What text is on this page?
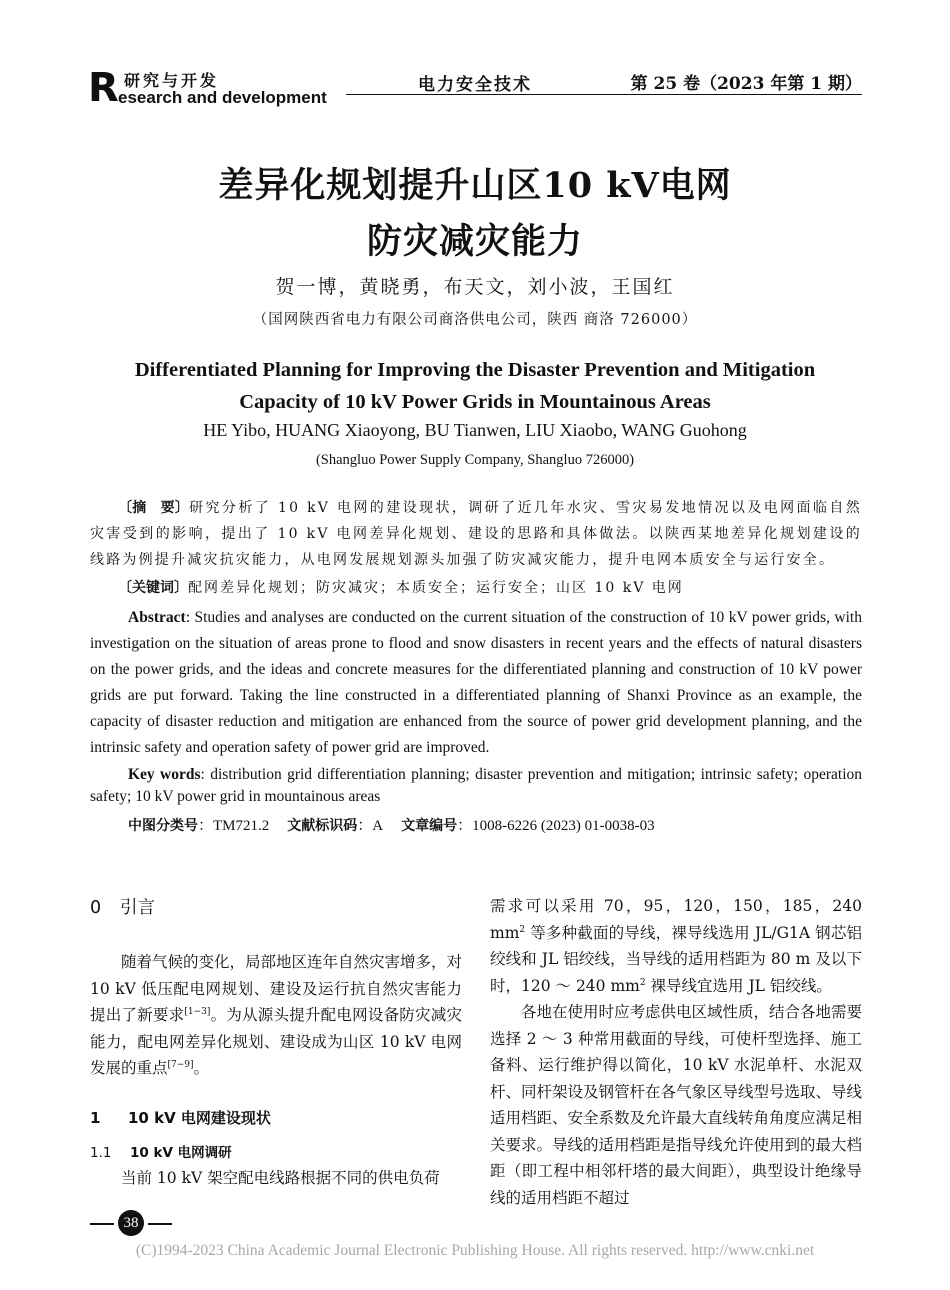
R 研究与开发
esearch and development
电力安全技术	第 25 卷（2023 年第 1 期）
差异化规划提升山区10 kV电网
防灾减灾能力
贺一博，黄晓勇，布天文，刘小波，王国红
（国网陕西省电力有限公司商洛供电公司，陕西 商洛 726000）
Differentiated Planning for Improving the Disaster Prevention and Mitigation
Capacity of 10 kV Power Grids in Mountainous Areas
HE Yibo, HUANG Xiaoyong, BU Tianwen, LIU Xiaobo, WANG Guohong
(Shangluo Power Supply Company, Shangluo 726000)

〔摘　要〕研究分析了 10 kV 电网的建设现状，调研了近几年水灾、雪灾易发地情况以及电网面临自然灾害受到的影响，提出了 10 kV 电网差异化规划、建设的思路和具体做法。以陕西某地差异化规划建设的线路为例提升减灾抗灾能力，从电网发展规划源头加强了防灾减灾能力，提升电网本质安全与运行安全。

〔关键词〕配网差异化规划；防灾减灾；本质安全；运行安全；山区 10 kV 电网

Abstract: Studies and analyses are conducted on the current situation of the construction of 10 kV power grids, with investigation on the situation of areas prone to flood and snow disasters in recent years and the effects of natural disasters on the power grids, and the ideas and concrete measures for the differentiated planning and construction of 10 kV power grids are put forward. Taking the line constructed in a differentiated planning of Shanxi Province as an example, the capacity of disaster reduction and mitigation are enhanced from the source of power grid development planning, and the intrinsic safety and operation safety of power grid are improved.

Key words: distribution grid differentiation planning; disaster prevention and mitigation; intrinsic safety; operation safety; 10 kV power grid in mountainous areas

中图分类号：TM721.2 文献标识码：A 文章编号：1008-6226 (2023) 01-0038-03

0 引言

随着气候的变化，局部地区连年自然灾害增多，对 10 kV 低压配电网规划、建设及运行抗自然灾害能力提出了新要求[1−3]。为从源头提升配电网设备防灾减灾能力，配电网差异化规划、建设成为山区 10 kV 电网发展的重点[7−9]。

1 10 kV 电网建设现状
1.1 10 kV 电网调研

当前 10 kV 架空配电线路根据不同的供电负荷

需求可以采用 70，95，120，150，185，240 $mm^2$ 等多种截面的导线，裸导线选用 JL/G1A 钢芯铝绞线和 JL 铝绞线，当导线的适用档距为 80 m 及以下时，120 ～ 240 $mm^2$ 裸导线宜选用 JL 铝绞线。

各地在使用时应考虑供电区域性质，结合各地需要选择 2 ～ 3 种常用截面的导线，可使杆型选择、施工备料、运行维护得以简化，10 kV 水泥单杆、水泥双杆、同杆架设及钢管杆在各气象区导线型号选取、导线适用档距、安全系数及允许最大直线转角角度应满足相关要求。导线的适用档距是指导线允许使用到的最大档距（即工程中相邻杆塔的最大间距），典型设计绝缘导线的适用档距不超过

38
(C)1994-2023 China Academic Journal Electronic Publishing House. All rights reserved. http://www.cnki.net
